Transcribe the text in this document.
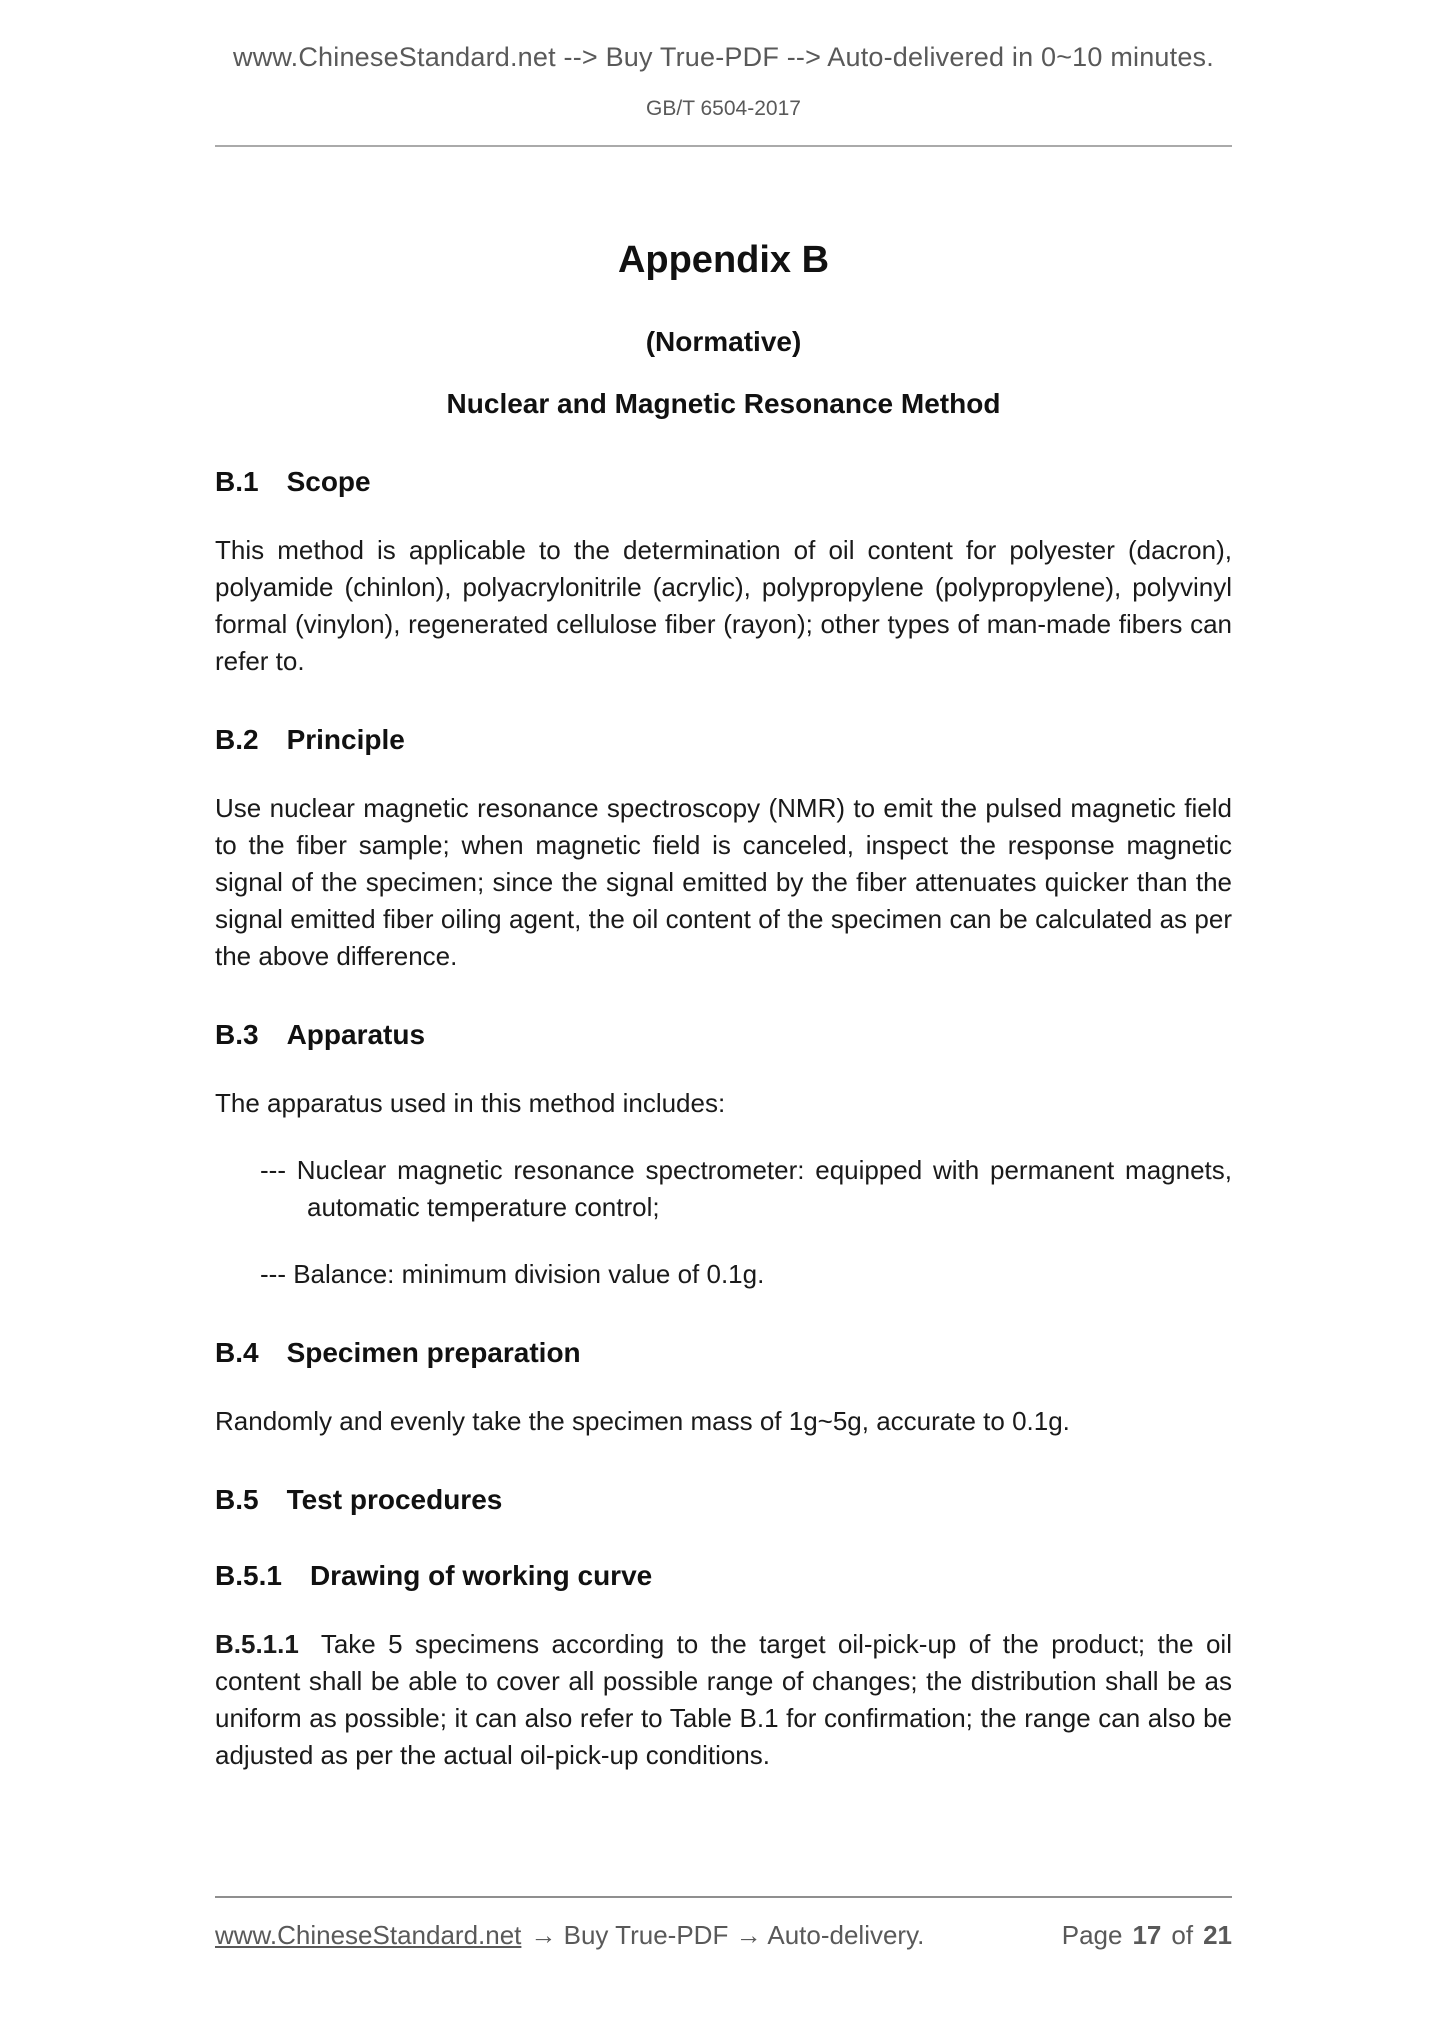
www.ChineseStandard.net --> Buy True-PDF --> Auto-delivered in 0~10 minutes.
GB/T 6504-2017
Appendix B
(Normative)
Nuclear and Magnetic Resonance Method
B.1 Scope
This method is applicable to the determination of oil content for polyester (dacron), polyamide (chinlon), polyacrylonitrile (acrylic), polypropylene (polypropylene), polyvinyl formal (vinylon), regenerated cellulose fiber (rayon); other types of man-made fibers can refer to.
B.2 Principle
Use nuclear magnetic resonance spectroscopy (NMR) to emit the pulsed magnetic field to the fiber sample; when magnetic field is canceled, inspect the response magnetic signal of the specimen; since the signal emitted by the fiber attenuates quicker than the signal emitted fiber oiling agent, the oil content of the specimen can be calculated as per the above difference.
B.3 Apparatus
The apparatus used in this method includes:
--- Nuclear magnetic resonance spectrometer: equipped with permanent magnets, automatic temperature control;
--- Balance: minimum division value of 0.1g.
B.4 Specimen preparation
Randomly and evenly take the specimen mass of 1g~5g, accurate to 0.1g.
B.5 Test procedures
B.5.1 Drawing of working curve
B.5.1.1 Take 5 specimens according to the target oil-pick-up of the product; the oil content shall be able to cover all possible range of changes; the distribution shall be as uniform as possible; it can also refer to Table B.1 for confirmation; the range can also be adjusted as per the actual oil-pick-up conditions.
www.ChineseStandard.net → Buy True-PDF → Auto-delivery.	Page 17 of 21
